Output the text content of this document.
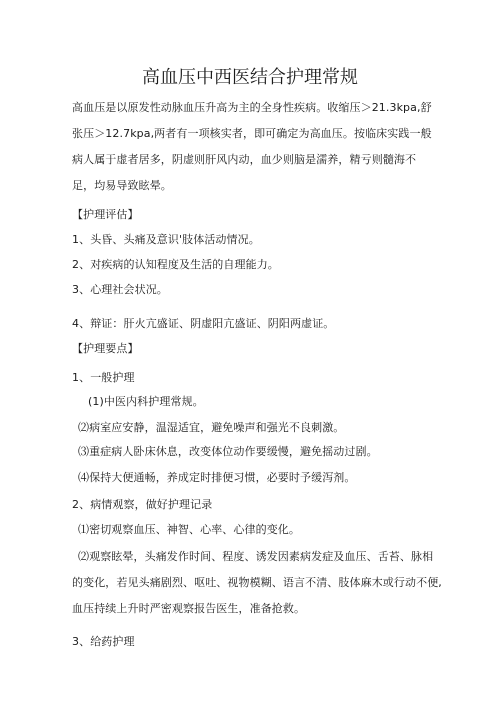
高血压中西医结合护理常规
高血压是以原发性动脉血压升高为主的全身性疾病。收缩压＞21.3kpa,舒
张压＞12.7kpa,两者有一项核实者，即可确定为高血压。按临床实践一般
病人属于虚者居多，阴虚则肝风内动，血少则脑是濡养，精亏则髓海不
足，均易导致眩晕。
【护理评估】
1、头昏、头痛及意识'肢体活动情况。
2、对疾病的认知程度及生活的自理能力。
3、心理社会状况。
4、辩证：肝火亢盛证、阴虚阳亢盛证、阴阳两虚证。
【护理要点】
1、一般护理
(1)中医内科护理常规。
⑵病室应安静，温湿适宜，避免噪声和强光不良刺激。
⑶重症病人卧床休息，改变体位动作要缓慢，避免摇动过剧。
⑷保持大便通畅，养成定时排便习惯，必要时予缓泻剂。
2、病情观察，做好护理记录
⑴密切观察血压、神智、心率、心律的变化。
⑵观察眩晕，头痛发作时间、程度、诱发因素病发症及血压、舌苔、脉相
的变化，若见头痛剧烈、呕吐、视物模糊、语言不清、肢体麻木或行动不便,
血压持续上升时严密观察报告医生，准备抢救。
3、给药护理
